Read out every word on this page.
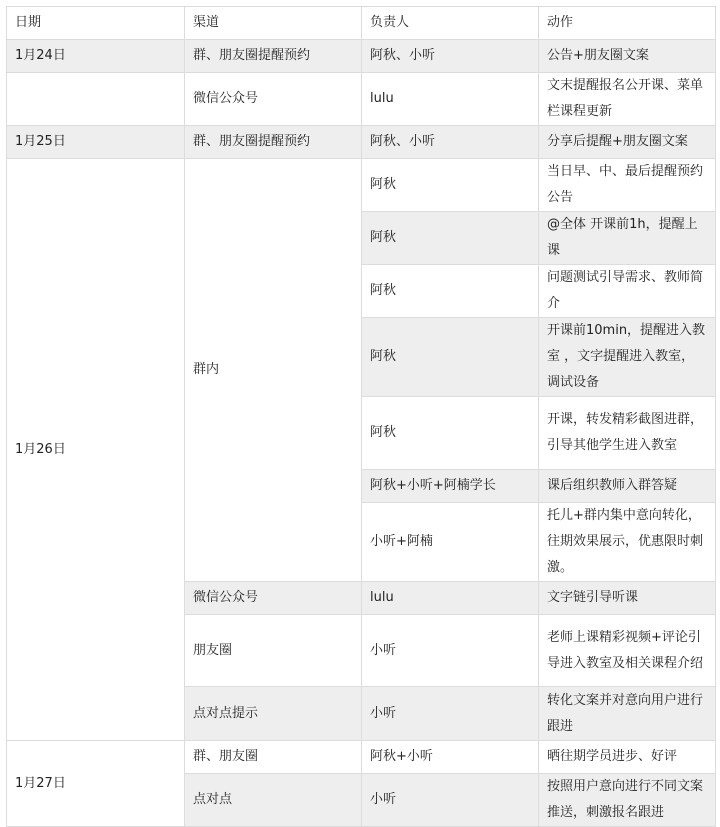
日期	渠道	负责人	动作
1月24日	群、朋友圈提醒预约	阿秋、小听	公告+朋友圈文案
	微信公众号	lulu	文末提醒报名公开课、菜单栏课程更新
1月25日	群、朋友圈提醒预约	阿秋、小听	分享后提醒+朋友圈文案
1月26日	群内	阿秋	当日早、中、最后提醒预约 公告
		阿秋	@全体 开课前1h，提醒上课
		阿秋	问题测试引导需求、教师简介
		阿秋	开课前10min，提醒进入教室 ，文字提醒进入教室，调试设备
		阿秋	开课，转发精彩截图进群，引导其他学生进入教室
		阿秋+小听+阿楠学长	课后组织教师入群答疑
		小听+阿楠	托儿+群内集中意向转化，往期效果展示，优惠限时刺激。
	微信公众号	lulu	文字链引导听课
	朋友圈	小听	老师上课精彩视频+评论引导进入教室及相关课程介绍
	点对点提示	小听	转化文案并对意向用户进行跟进
1月27日	群、朋友圈	阿秋+小听	晒往期学员进步、好评
	点对点	小听	按照用户意向进行不同文案推送，刺激报名跟进
